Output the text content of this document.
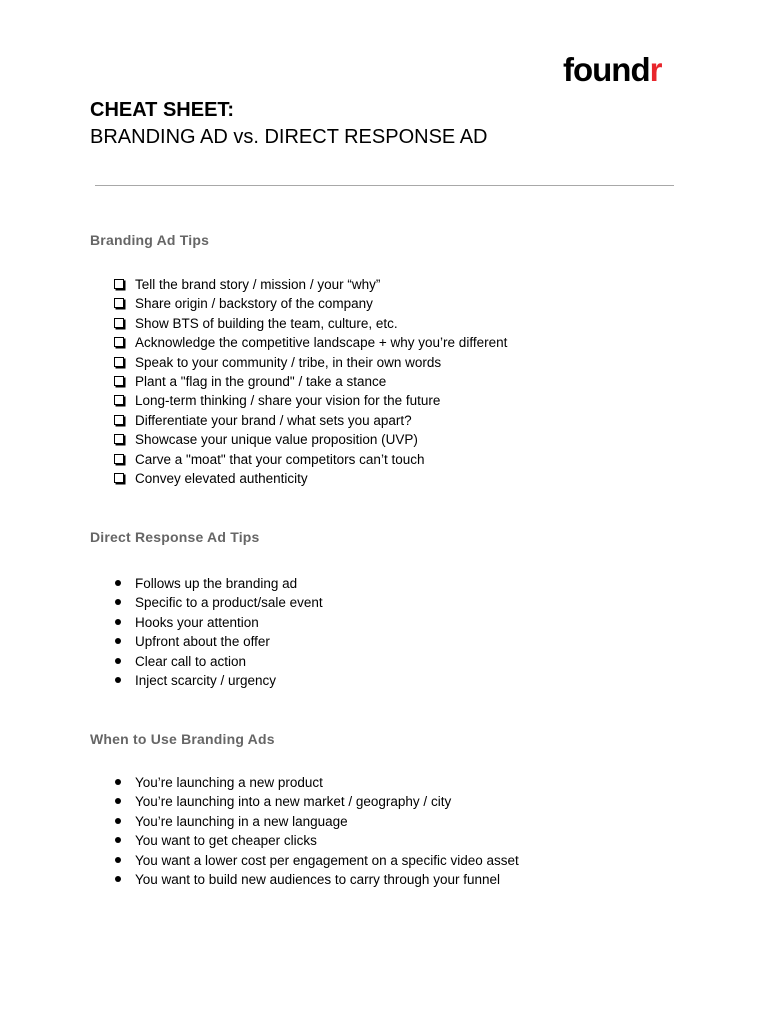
foundr
CHEAT SHEET:
BRANDING AD vs. DIRECT RESPONSE AD
Branding Ad Tips
Tell the brand story / mission / your “why”
Share origin / backstory of the company
Show BTS of building the team, culture, etc.
Acknowledge the competitive landscape + why you’re different
Speak to your community / tribe, in their own words
Plant a "flag in the ground" / take a stance
Long-term thinking / share your vision for the future
Differentiate your brand / what sets you apart?
Showcase your unique value proposition (UVP)
Carve a "moat" that your competitors can’t touch
Convey elevated authenticity
Direct Response Ad Tips
Follows up the branding ad
Specific to a product/sale event
Hooks your attention
Upfront about the offer
Clear call to action
Inject scarcity / urgency
When to Use Branding Ads
You’re launching a new product
You’re launching into a new market / geography / city
You’re launching in a new language
You want to get cheaper clicks
You want a lower cost per engagement on a specific video asset
You want to build new audiences to carry through your funnel
